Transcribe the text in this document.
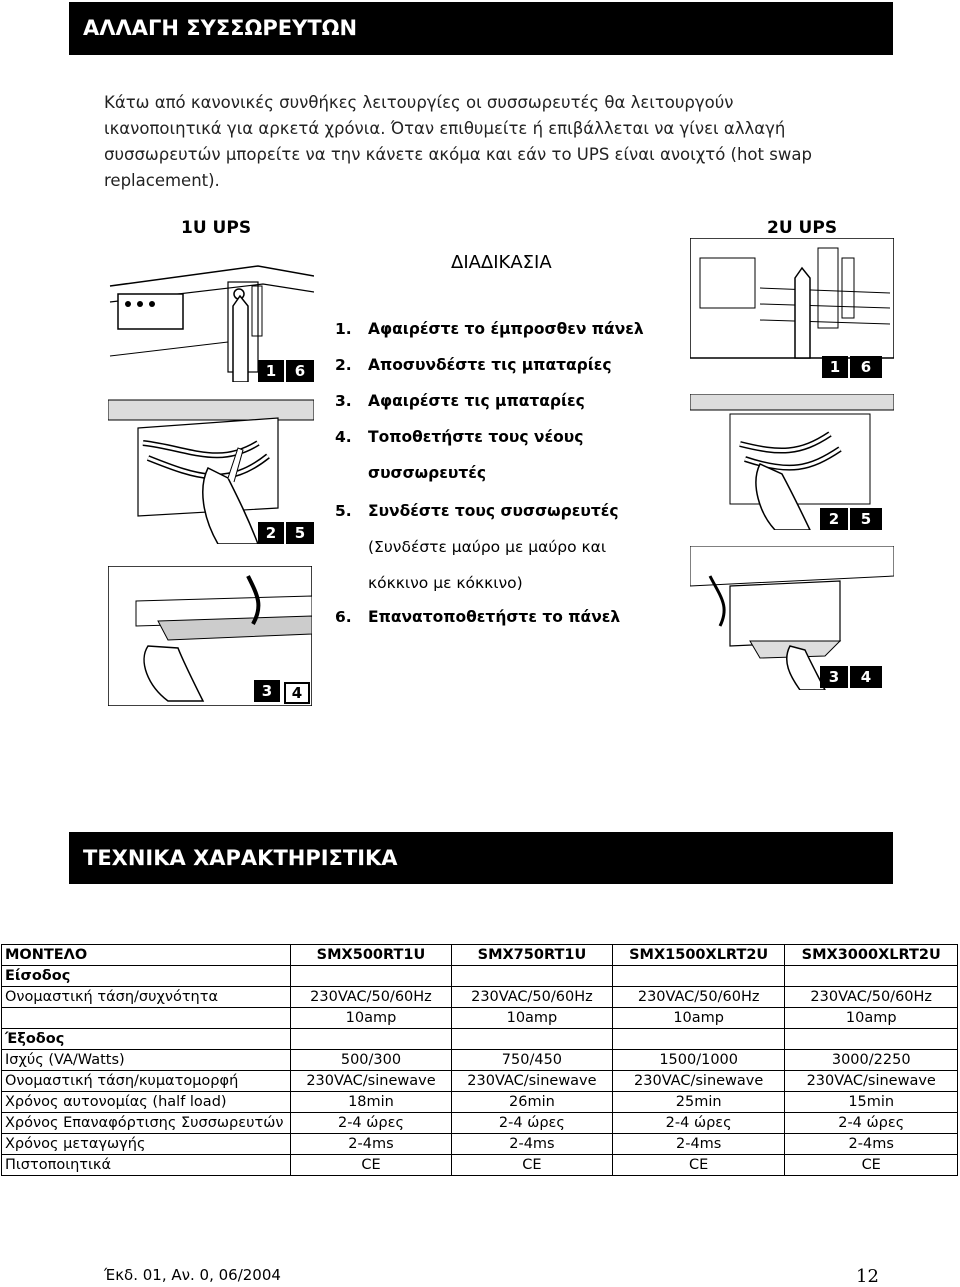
ΑΛΛΑΓΗ ΣΥΣΣΩΡΕΥΤΩΝ

Κάτω από κανονικές συνθήκες λειτουργίες οι συσσωρευτές θα λειτουργούν

ικανοποιητικά για αρκετά χρόνια. Όταν επιθυμείτε ή επιβάλλεται να γίνει αλλαγή

συσσωρευτών μπορείτε να την κάνετε ακόμα και εάν το UPS είναι ανοιχτό (hot swap

replacement).

1U UPS	2U UPS
ΔΙΑΔΙΚΑΣΙΑ
1. Αφαιρέστε το έμπροσθεν πάνελ
2. Αποσυνδέστε τις μπαταρίες
3. Αφαιρέστε τις μπαταρίες
4. Τοποθετήστε τους νέους
συσσωρευτές
5. Συνδέστε τους συσσωρευτές
(Συνδέστε μαύρο με μαύρο και
κόκκινο με κόκκινο)
6. Επανατοποθετήστε το πάνελ
1	6
2	5
3	4
1	6
2	5
3	4
ΤΕΧΝΙΚΑ ΧΑΡΑΚΤΗΡΙΣΤΙΚΑ
ΜΟΝΤΕΛΟ	SMX500RT1U	SMX750RT1U	SMX1500XLRT2U	SMX3000XLRT2U
Είσοδος				
Ονομαστική τάση/συχνότητα	230VAC/50/60Hz	230VAC/50/60Hz	230VAC/50/60Hz	230VAC/50/60Hz
	10amp	10amp	10amp	10amp
Έξοδος				
Ισχύς (VA/Watts)	500/300	750/450	1500/1000	3000/2250
Ονομαστική τάση/κυματομορφή	230VAC/sinewave	230VAC/sinewave	230VAC/sinewave	230VAC/sinewave
Χρόνος αυτονομίας (half load)	18min	26min	25min	15min
Χρόνος Επαναφόρτισης Συσσωρευτών	2-4 ώρες	2-4 ώρες	2-4 ώρες	2-4 ώρες
Χρόνος μεταγωγής	2-4ms	2-4ms	2-4ms	2-4ms
Πιστοποιητικά	CE	CE	CE	CE
Έκδ. 01, Αν. 0, 06/2004	12
